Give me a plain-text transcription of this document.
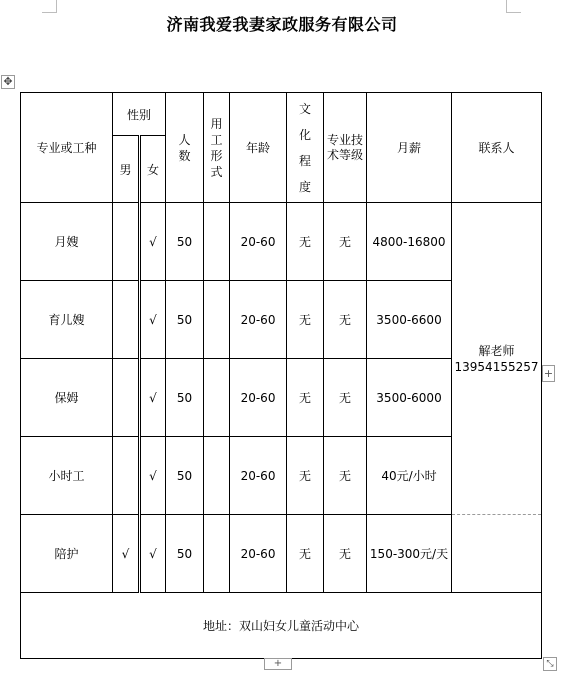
济南我爱我妻家政服务有限公司
✥
专业或工种	性别		人数	用工形式	年龄	文化程度	专业技术等级	月薪	联系人
	男	女							
月嫂		√	50		20-60	无	无	4800-16800	解老师
13954155257

育儿嫂		√	50		20-60	无	无	3500-6600	
保姆		√	50		20-60	无	无	3500-6000	
小时工		√	50		20-60	无	无	40元/小时	
陪护	√	√	50		20-60	无	无	150-300元/天	
地址：双山妇女儿童活动中心									
+
+	⤡
